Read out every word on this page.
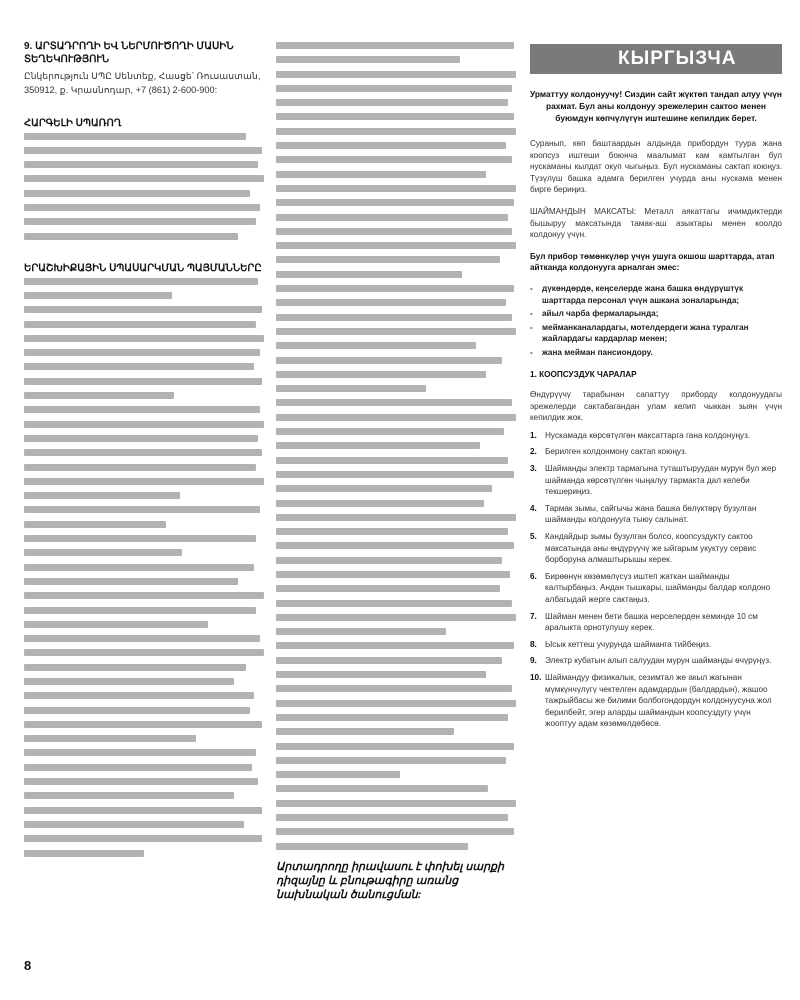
9. ԱՐՏԱԴՐՈՂԻ ԵՎ ՆԵՐՄՈՒԾՈՂԻ ՄԱՍԻՆ ՏԵՂԵԿՈՒԹՅՈՒՆ

Ընկերություն ՍՊԸ Սենտեք, Հասցե՝ Ռուսաստան, 350912, ք. Կրասնոդար, +7 (861) 2-600-900:

ՀԱՐԳԵԼԻ ՍՊԱՌՈՂ
ԵՐԱՇԽԻՔԱՅԻՆ ՍՊԱՍԱՐԿՄԱՆ ՊԱՅՄԱՆՆԵՐԸ

Արտադրողը իրավասու է փոխել սարքի դիզայնը և բնութագիրը առանց նախնական ծանուցման:

КЫРГЫЗЧА
Урматтуу колдонуучу! Сиздин сайт жүктөп тандап алуу үчүн рахмат. Бул аны колдонуу эрежелерин сактоо менен буюмдун көпчүлүгүн иштешине кепилдик берет.

Суранып, көп баштаардын алдында прибордун туура жана коопсуз иштеши боюнча маалымат кам камтылган бул нускаманы кылдат окуп чыгыңыз. Бул нускаманы сактап коюңуз. Түзүлүш башка адамга берилген учурда аны нускама менен бирге бериңиз.

ШАЙМАНДЫН МАКСАТЫ: Металл аякаттагы ичимдиктерди бышыруу максатында тамак-аш азыктары менен коолдо колдонуу үчүн.

Бул прибор төмөнкүлөр үчүн ушуга окшош шарттарда, атап айтканда колдонууга арналган эмес:

- дүкөндөрдө, кеңселерде жана башка өндүрүштүк шарттарда персонал үчүн ашкана зоналарында;
- айыл чарба фермаларында;
- мейманканалардагы, мотелдердеги жана туралган жайлардагы кардарлар менен;
- жана мейман пансиондору.

1. КООПСУЗДУК ЧАРАЛАР

Өндүрүүчү тарабынан сапаттуу приборду колдонуудагы эрежелерди сактабагандан улам келип чыккан зыян үчүн кепилдик жок.

1. Нуcкамада көрсөтүлгөн максаттарга гана колдонуңуз.
2. Берилген колдонмону сактап коюңуз.
3. Шайманды электр тармагына туташтыруудан мурун бул жер шайманда көрсөтүлгөн чыңалуу тармакта дал келеби текшериңиз.
4. Тармак зымы, сайгычы жана башка бөлүктөрү бузулган шайманды колдонууга тыюу салынат.
5. Кандайдыр зымы бузулган болсо, коопсуздукту сактоо максатында аны өндүрүүчү же ыйгарым укуктуу сервис борборуна алмаштырышы керек.
6. Бирөөнүн көзөмөлүсүз иштеп жаткан шайманды калтырбаңыз. Андан тышкары, шайманды балдар колдоно албагыдай жерге сактаңыз.
7. Шайман менен бети башка нерселерден кеминде 10 см аралыкта орнотулушу керек.
8. Ысык кеттеш учурунда шайманга тийбеңиз.
9. Электр кубатын алып салуудан мурун шайманды өчүрүңүз.
10. Шаймандуу физикалык, сезимтал же акыл жагынан мүмкүнчүлүгү чектелген адамдардын (балдардын), жашоо тажрыйбасы же билими болбогондордун колдонуусуна жол берилбейт, эгер аларды шаймандын коопсуздугу үчүн жооптуу адам көзөмөлдөбөсө.
8
